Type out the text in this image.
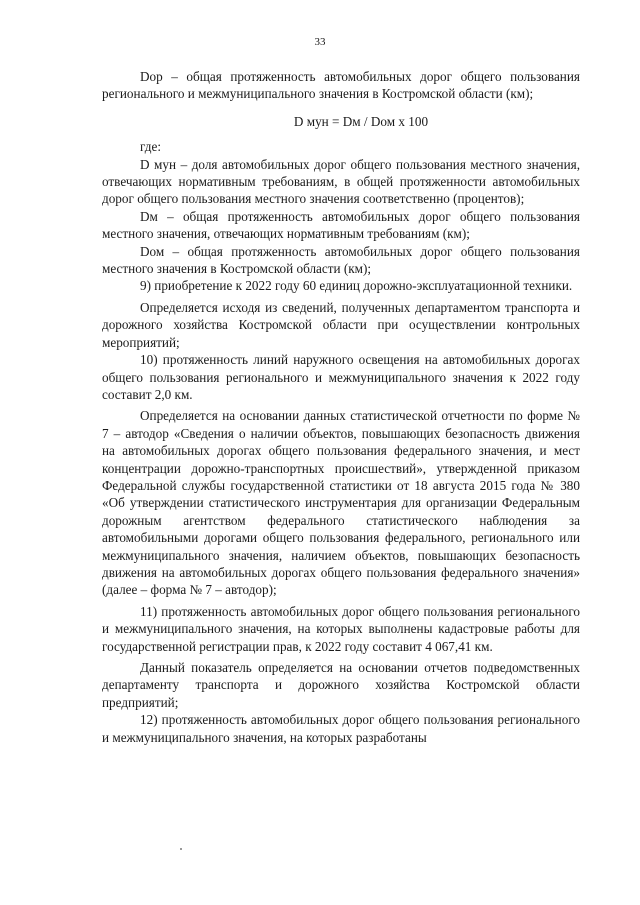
33

Dор – общая протяженность автомобильных дорог общего пользования регионального и межмуниципального значения в Костромской области (км);

D мун = Dм / Dом х 100

где:

D мун – доля автомобильных дорог общего пользования местного значения, отвечающих нормативным требованиям, в общей протяженности автомобильных дорог общего пользования местного значения соответственно (процентов);

Dм – общая протяженность автомобильных дорог общего пользования местного значения, отвечающих нормативным требованиям (км);

Dом – общая протяженность автомобильных дорог общего пользования местного значения в Костромской области (км);

9) приобретение к 2022 году 60 единиц дорожно-эксплуатационной техники.

Определяется исходя из сведений, полученных департаментом транспорта и дорожного хозяйства Костромской области при осуществлении контрольных мероприятий;

10) протяженность линий наружного освещения на автомобильных дорогах общего пользования регионального и межмуниципального значения к 2022 году составит 2,0 км.

Определяется на основании данных статистической отчетности по форме № 7 – автодор «Сведения о наличии объектов, повышающих безопасность движения на автомобильных дорогах общего пользования федерального значения, и мест концентрации дорожно-транспортных происшествий», утвержденной приказом Федеральной службы государственной статистики от 18 августа 2015 года № 380 «Об утверждении статистического инструментария для организации Федеральным дорожным агентством федерального статистического наблюдения за автомобильными дорогами общего пользования федерального, регионального или межмуниципального значения, наличием объектов, повышающих безопасность движения на автомобильных дорогах общего пользования федерального значения» (далее – форма № 7 – автодор);

11) протяженность автомобильных дорог общего пользования регионального и межмуниципального значения, на которых выполнены кадастровые работы для государственной регистрации прав, к 2022 году составит 4 067,41 км.

Данный показатель определяется на основании отчетов подведомственных департаменту транспорта и дорожного хозяйства Костромской области предприятий;

12) протяженность автомобильных дорог общего пользования регионального и межмуниципального значения, на которых разработаны
